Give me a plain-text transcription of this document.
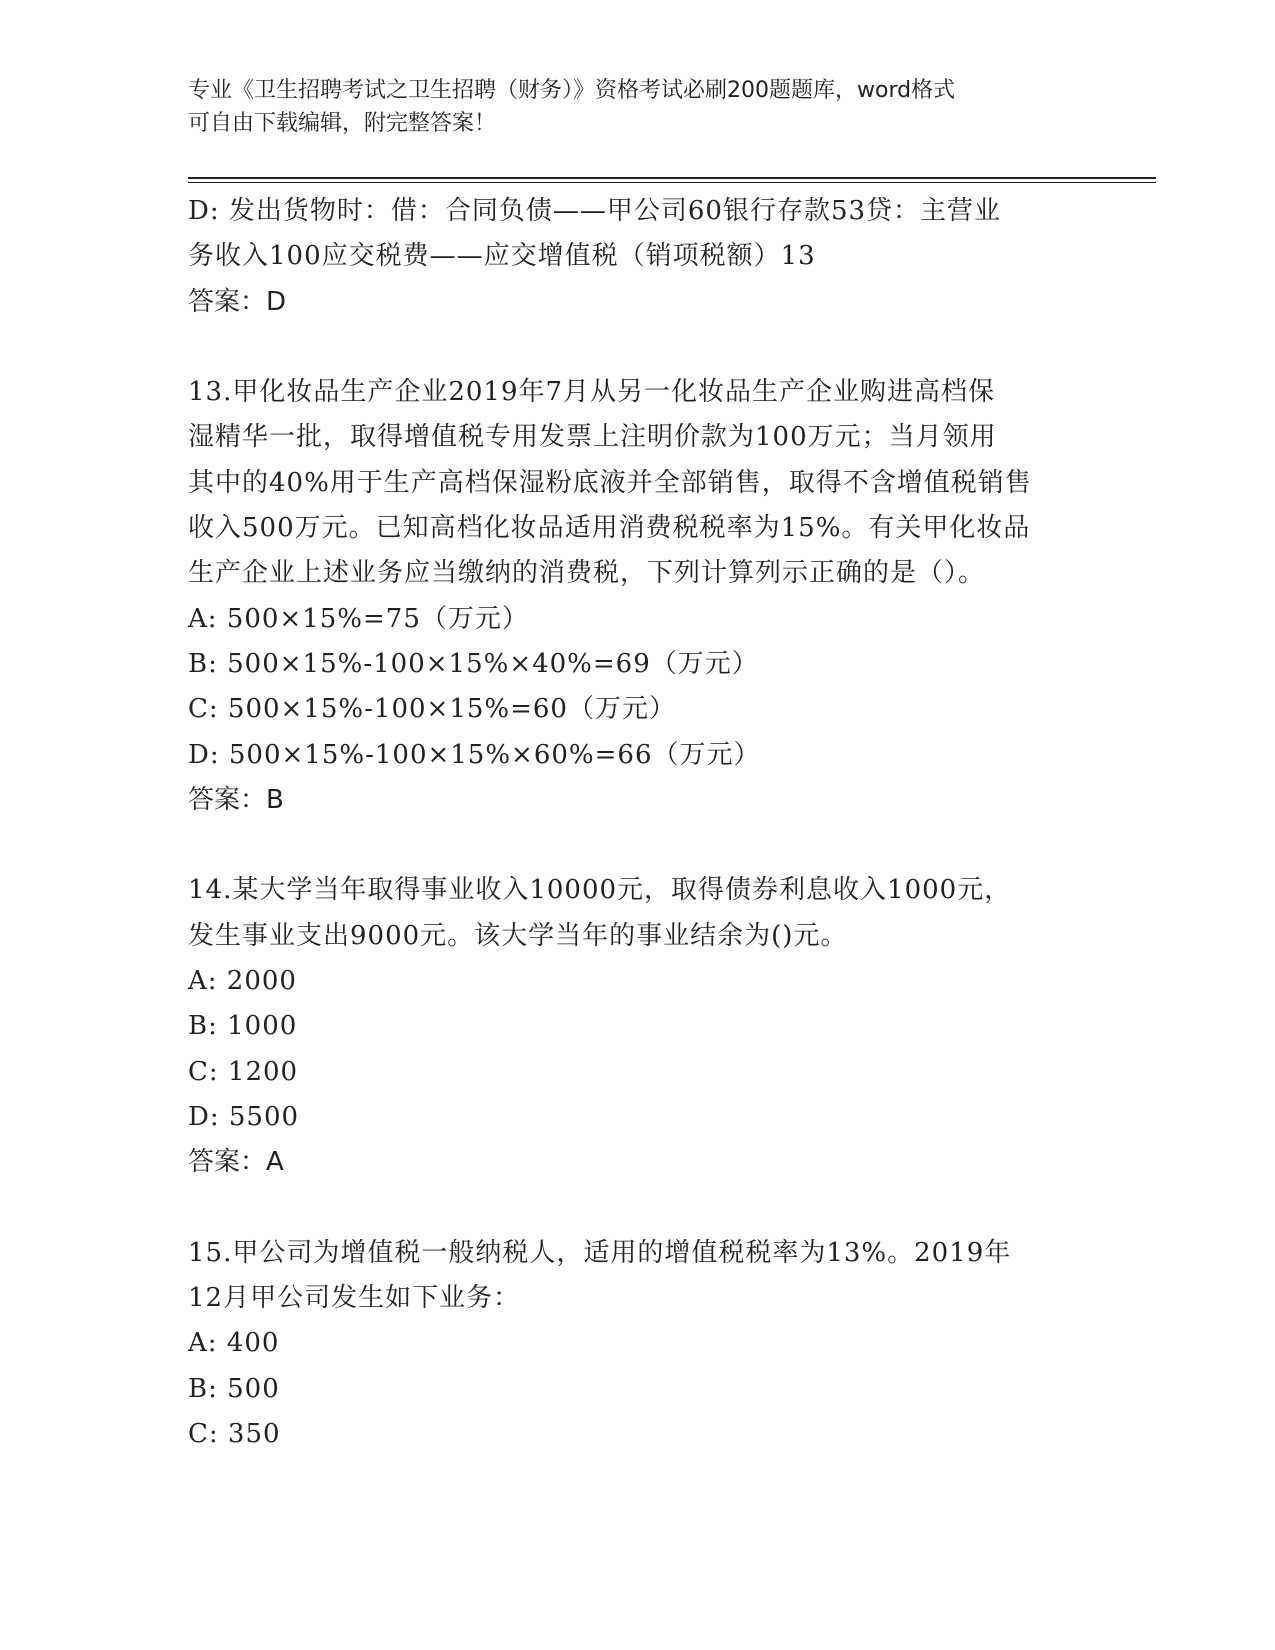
专业《卫生招聘考试之卫生招聘（财务）》资格考试必刷200题题库，word格式
可自由下载编辑，附完整答案！
D: 发出货物时：借：合同负债——甲公司60银行存款53贷：主营业
务收入100应交税费——应交增值税（销项税额）13
答案：D
13.甲化妆品生产企业2019年7月从另一化妆品生产企业购进高档保
湿精华一批，取得增值税专用发票上注明价款为100万元；当月领用
其中的40%用于生产高档保湿粉底液并全部销售，取得不含增值税销售
收入500万元。已知高档化妆品适用消费税税率为15%。有关甲化妆品
生产企业上述业务应当缴纳的消费税，下列计算列示正确的是（）。
A: 500×15%=75（万元）
B: 500×15%-100×15%×40%=69（万元）
C: 500×15%-100×15%=60（万元）
D: 500×15%-100×15%×60%=66（万元）
答案：B
14.某大学当年取得事业收入10000元，取得债券利息收入1000元，
发生事业支出9000元。该大学当年的事业结余为()元。
A: 2000
B: 1000
C: 1200
D: 5500
答案：A
15.甲公司为增值税一般纳税人，适用的增值税税率为13%。2019年
12月甲公司发生如下业务：
A: 400
B: 500
C: 350
